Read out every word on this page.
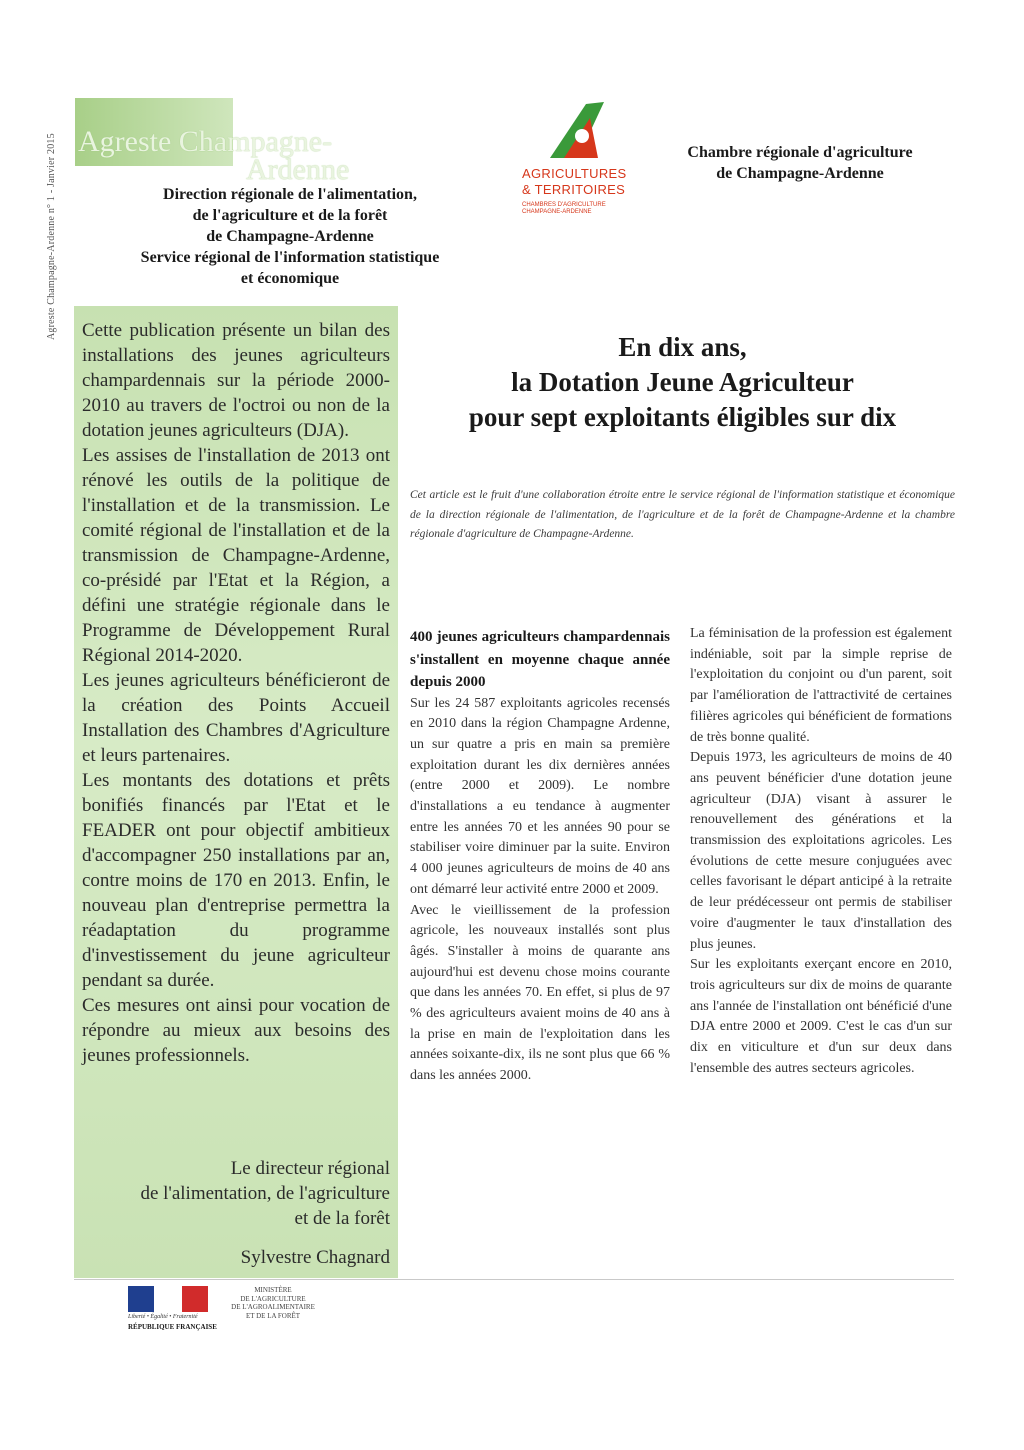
Agreste Champagne-Ardenne n° 1 - Janvier 2015 Agreste Champagne-
Ardenne
Direction régionale de l'alimentation,
de l'agriculture et de la forêt
de Champagne-Ardenne
Service régional de l'information statistique
et économique
AGRICULTURES
& TERRITOIRES
CHAMBRES D'AGRICULTURE CHAMPAGNE-ARDENNE
Chambre régionale d'agriculture
de Champagne-Ardenne

Cette publication présente un bilan des installations des jeunes agriculteurs champardennais sur la période 2000-2010 au travers de l'octroi ou non de la dotation jeunes agriculteurs (DJA).

Les assises de l'installation de 2013 ont rénové les outils de la politique de l'installation et de la transmission. Le comité régional de l'installation et de la transmission de Champagne-Ardenne, co-présidé par l'Etat et la Région, a défini une stratégie régionale dans le Programme de Développement Rural Régional 2014-2020.

Les jeunes agriculteurs bénéficieront de la création des Points Accueil Installation des Chambres d'Agriculture et leurs partenaires.

Les montants des dotations et prêts bonifiés financés par l'Etat et le FEADER ont pour objectif ambitieux d'accompagner 250 installations par an, contre moins de 170 en 2013. Enfin, le nouveau plan d'entreprise permettra la réadaptation du programme d'investissement du jeune agriculteur pendant sa durée.

Ces mesures ont ainsi pour vocation de répondre au mieux aux besoins des jeunes professionnels.

Le directeur régional

de l'alimentation, de l'agriculture

et de la forêt

Sylvestre Chagnard

En dix ans,
la Dotation Jeune Agriculteur
pour sept exploitants éligibles sur dix
Cet article est le fruit d'une collaboration étroite entre le service régional de l'information statistique et économique de la direction régionale de l'alimentation, de l'agriculture et de la forêt de Champagne-Ardenne et la chambre régionale d'agriculture de Champagne-Ardenne.
400 jeunes agriculteurs champardennais s'installent en moyenne chaque année depuis 2000

Sur les 24 587 exploitants agricoles recensés en 2010 dans la région Champagne Ardenne, un sur quatre a pris en main sa première exploitation durant les dix dernières années (entre 2000 et 2009). Le nombre d'installations a eu tendance à augmenter entre les années 70 et les années 90 pour se stabiliser voire diminuer par la suite. Environ 4 000 jeunes agriculteurs de moins de 40 ans ont démarré leur activité entre 2000 et 2009.

Avec le vieillissement de la profession agricole, les nouveaux installés sont plus âgés. S'installer à moins de quarante ans aujourd'hui est devenu chose moins courante que dans les années 70. En effet, si plus de 97 % des agriculteurs avaient moins de 40 ans à la prise en main de l'exploitation dans les années soixante-dix, ils ne sont plus que 66 % dans les années 2000.

La féminisation de la profession est également indéniable, soit par la simple reprise de l'exploitation du conjoint ou d'un parent, soit par l'amélioration de l'attractivité de certaines filières agricoles qui bénéficient de formations de très bonne qualité.

Depuis 1973, les agriculteurs de moins de 40 ans peuvent bénéficier d'une dotation jeune agriculteur (DJA) visant à assurer le renouvellement des générations et la transmission des exploitations agricoles. Les évolutions de cette mesure conjuguées avec celles favorisant le départ anticipé à la retraite de leur prédécesseur ont permis de stabiliser voire d'augmenter le taux d'installation des plus jeunes.

Sur les exploitants exerçant encore en 2010, trois agriculteurs sur dix de moins de quarante ans l'année de l'installation ont bénéficié d'une DJA entre 2000 et 2009. C'est le cas d'un sur dix en viticulture et d'un sur deux dans l'ensemble des autres secteurs agricoles.

Liberté • Égalité • Fraternité
RÉPUBLIQUE FRANÇAISE

MINISTÈRE

DE L'AGRICULTURE

DE L'AGROALIMENTAIRE

ET DE LA FORÊT
